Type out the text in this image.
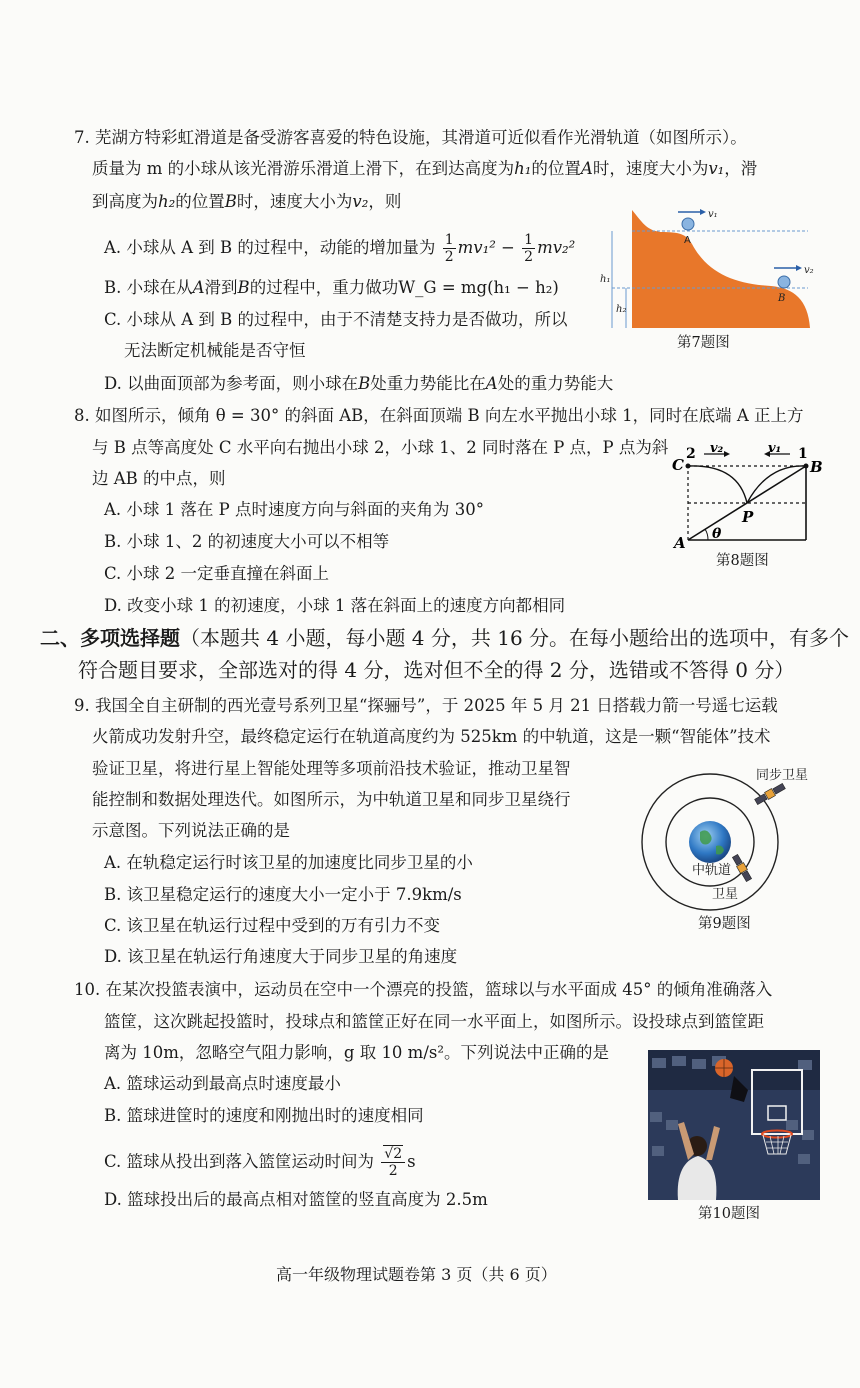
7. 芜湖方特彩虹滑道是备受游客喜爱的特色设施，其滑道可近似看作光滑轨道（如图所示）。
质量为 m 的小球从该光滑游乐滑道上滑下，在到达高度为h₁的位置A时，速度大小为v₁，滑
到高度为h₂的位置B时，速度大小为v₂，则
A. 小球从 A 到 B 的过程中，动能的增加量为 $\frac{1}{2} mv_1^2 - \frac{1}{2} mv_2^2$
B. 小球在从A滑到B的过程中，重力做功W_G = mg(h₁ − h₂)
C. 小球从 A 到 B 的过程中，由于不清楚支持力是否做功，所以
无法断定机械能是否守恒
D. 以曲面顶部为参考面，则小球在B处重力势能比在A处的重力势能大
v₁
v₂
A
B
h₁
h₂
第7题图
8. 如图所示，倾角 θ = 30° 的斜面 AB，在斜面顶端 B 向左水平抛出小球 1，同时在底端 A 正上方
与 B 点等高度处 C 水平向右抛出小球 2，小球 1、2 同时落在 P 点，P 点为斜
边 AB 的中点，则
A. 小球 1 落在 P 点时速度方向与斜面的夹角为 30°
B. 小球 1、2 的初速度大小可以不相等
C. 小球 2 一定垂直撞在斜面上
D. 改变小球 1 的初速度，小球 1 落在斜面上的速度方向都相同
C
2 v₂	v₁ 1
B
P
A θ
第8题图
二、多项选择题（本题共 4 小题，每小题 4 分，共 16 分。在每小题给出的选项中，有多个
符合题目要求，全部选对的得 4 分，选对但不全的得 2 分，选错或不答得 0 分）
9. 我国全自主研制的西光壹号系列卫星“探骊号”，于 2025 年 5 月 21 日搭载力箭一号遥七运载
火箭成功发射升空，最终稳定运行在轨道高度约为 525km 的中轨道，这是一颗“智能体”技术
验证卫星，将进行星上智能处理等多项前沿技术验证，推动卫星智
能控制和数据处理迭代。如图所示，为中轨道卫星和同步卫星绕行
示意图。下列说法正确的是
A. 在轨稳定运行时该卫星的加速度比同步卫星的小
B. 该卫星稳定运行的速度大小一定小于 7.9km/s
C. 该卫星在轨运行过程中受到的万有引力不变
D. 该卫星在轨运行角速度大于同步卫星的角速度
同步卫星
中轨道
卫星
第9题图
10. 在某次投篮表演中，运动员在空中一个漂亮的投篮，篮球以与水平面成 45° 的倾角准确落入
篮筐，这次跳起投篮时，投球点和篮筐正好在同一水平面上，如图所示。设投球点到篮筐距
离为 10m，忽略空气阻力影响，g 取 10 m/s²。下列说法中正确的是
A. 篮球运动到最高点时速度最小
B. 篮球进筐时的速度和刚抛出时的速度相同
C. 篮球从投出到落入篮筐运动时间为 $\frac{√2}{2}$ s
D. 篮球投出后的最高点相对篮筐的竖直高度为 2.5m
第10题图
高一年级物理试题卷第 3 页（共 6 页）
